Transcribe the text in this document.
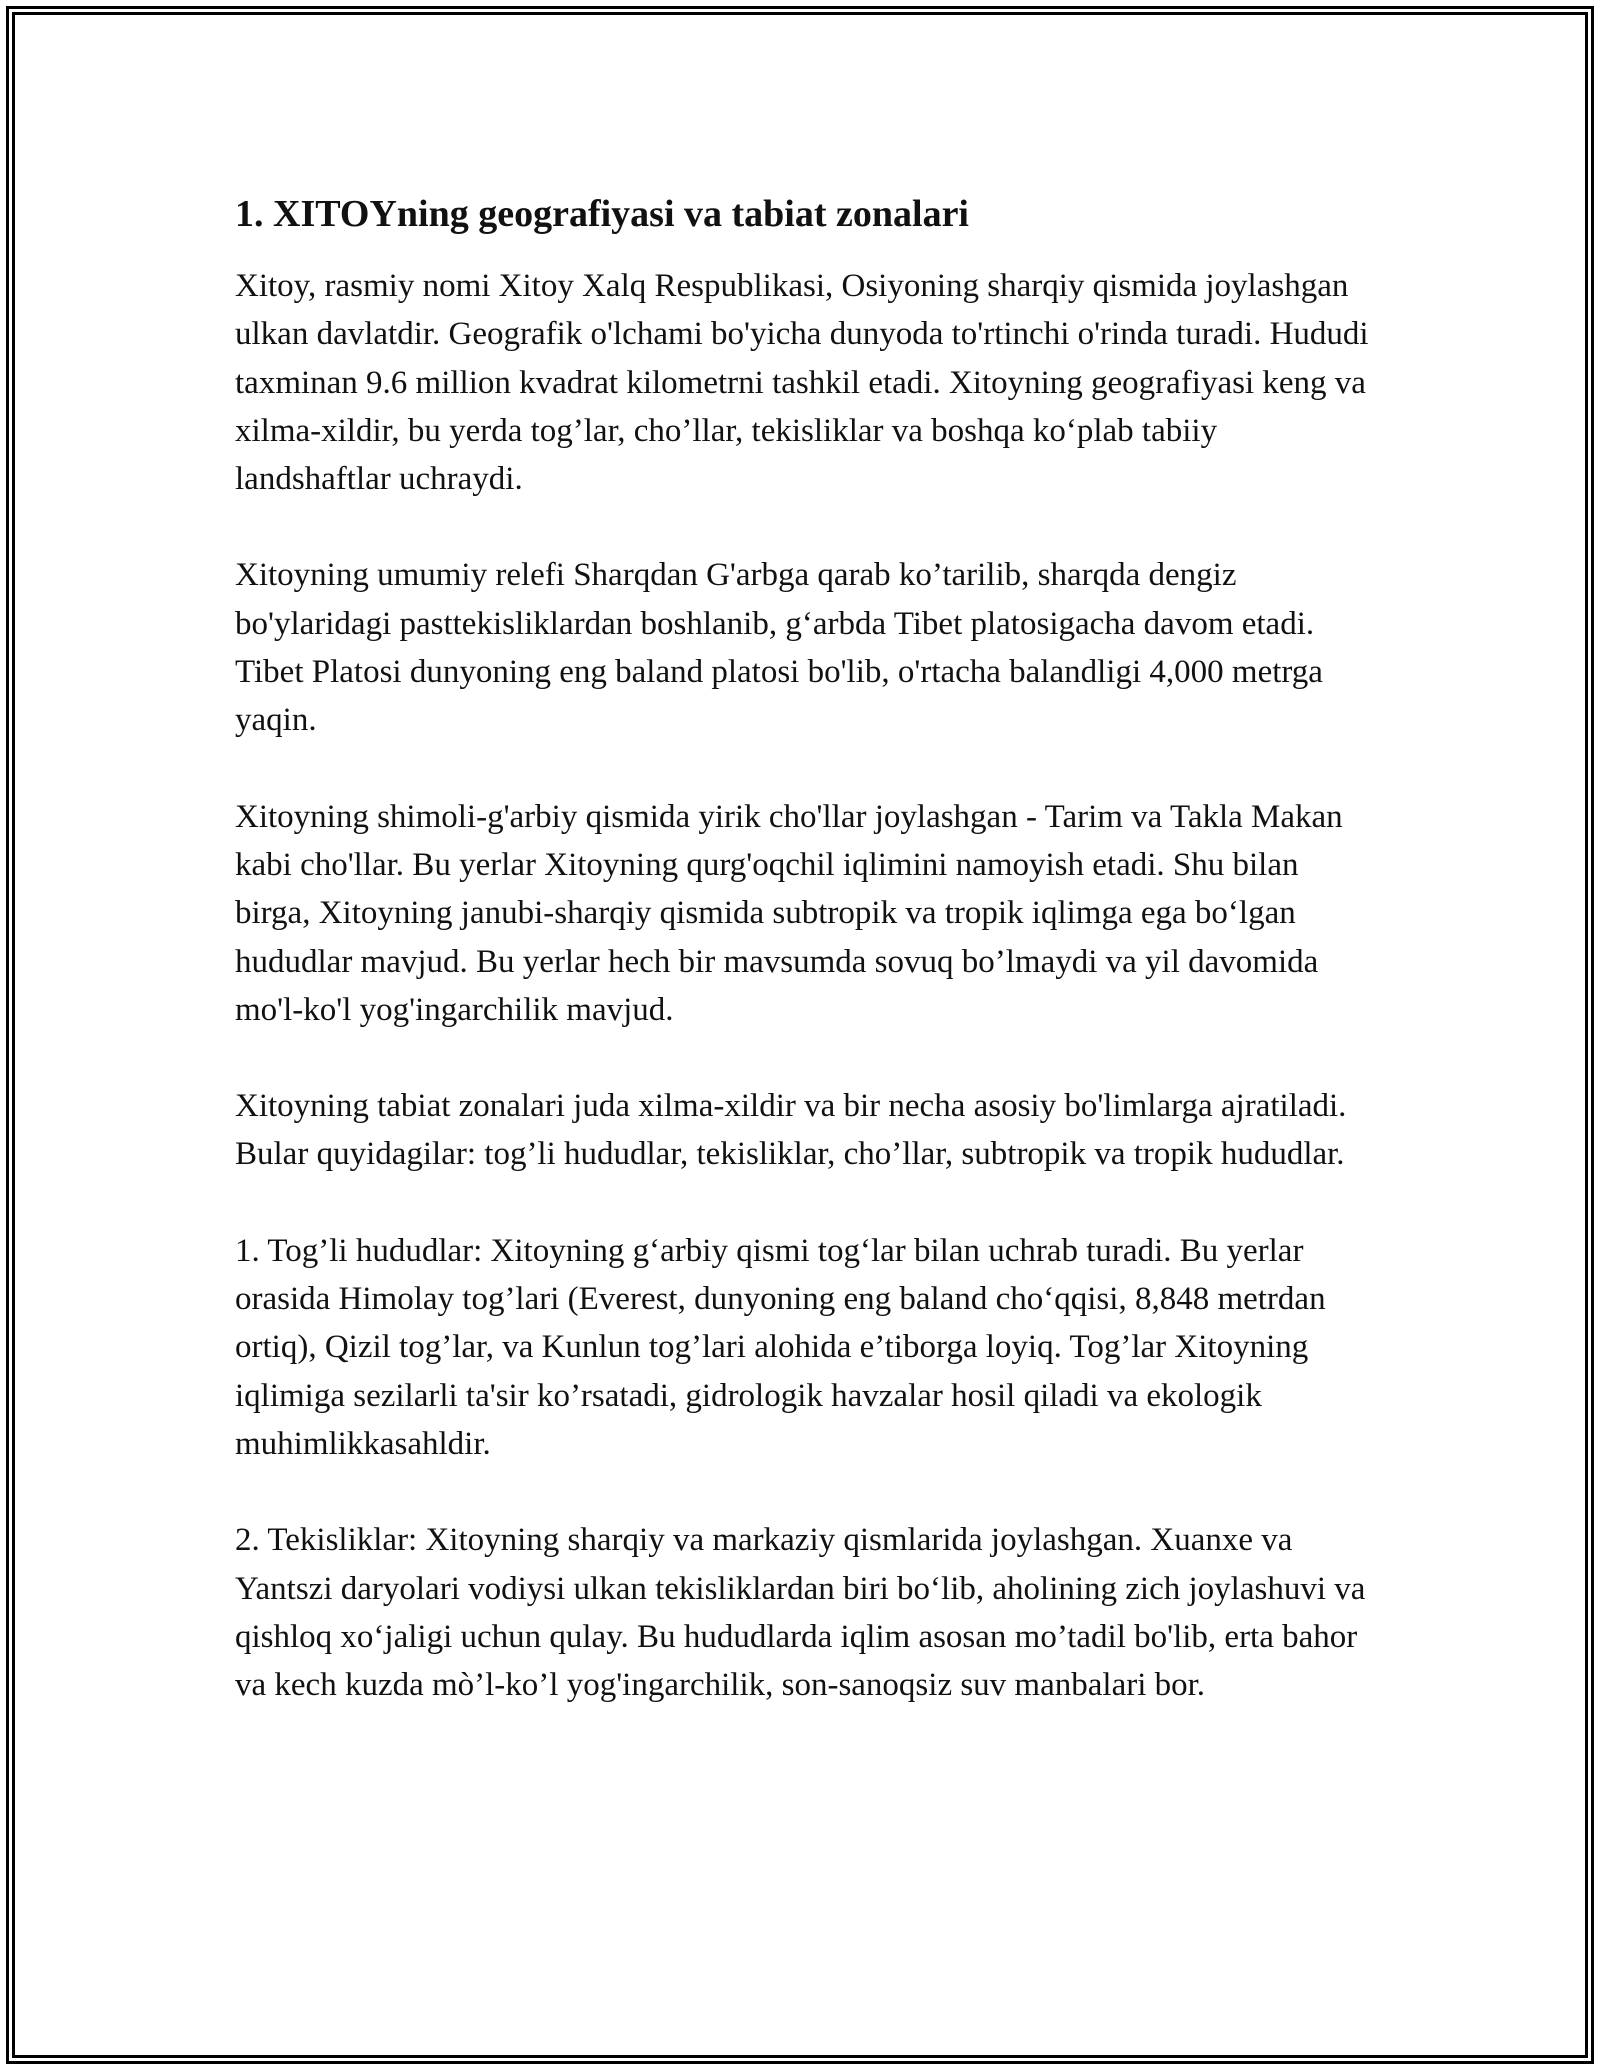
1. XITOYning geografiyasi va tabiat zonalari

Xitoy, rasmiy nomi Xitoy Xalq Respublikasi, Osiyoning sharqiy qismida joylashgan ulkan davlatdir. Geografik o'lchami bo'yicha dunyoda to'rtinchi o'rinda turadi. Hududi taxminan 9.6 million kvadrat kilometrni tashkil etadi. Xitoyning geografiyasi keng va xilma-xildir, bu yerda tog’lar, cho’llar, tekisliklar va boshqa ko‘plab tabiiy landshaftlar uchraydi.

Xitoyning umumiy relefi Sharqdan G'arbga qarab ko’tarilib, sharqda dengiz bo'ylaridagi pasttekisliklardan boshlanib, g‘arbda Tibet platosigacha davom etadi. Tibet Platosi dunyoning eng baland platosi bo'lib, o'rtacha balandligi 4,000 metrga yaqin.

Xitoyning shimoli-g'arbiy qismida yirik cho'llar joylashgan - Tarim va Takla Makan kabi cho'llar. Bu yerlar Xitoyning qurg'oqchil iqlimini namoyish etadi. Shu bilan birga, Xitoyning janubi-sharqiy qismida subtropik va tropik iqlimga ega bo‘lgan hududlar mavjud. Bu yerlar hech bir mavsumda sovuq bo’lmaydi va yil davomida mo'l-ko'l yog'ingarchilik mavjud.

Xitoyning tabiat zonalari juda xilma-xildir va bir necha asosiy bo'limlarga ajratiladi. Bular quyidagilar: tog’li hududlar, tekisliklar, cho’llar, subtropik va tropik hududlar.

1. Tog’li hududlar: Xitoyning g‘arbiy qismi tog‘lar bilan uchrab turadi. Bu yerlar orasida Himolay tog’lari (Everest, dunyoning eng baland cho‘qqisi, 8,848 metrdan ortiq), Qizil tog’lar, va Kunlun tog’lari alohida e’tiborga loyiq. Tog’lar Xitoyning iqlimiga sezilarli ta'sir ko’rsatadi, gidrologik havzalar hosil qiladi va ekologik muhimlikkasahldir.

2. Tekisliklar: Xitoyning sharqiy va markaziy qismlarida joylashgan. Xuanxe va Yantszi daryolari vodiysi ulkan tekisliklardan biri bo‘lib, aholining zich joylashuvi va qishloq xo‘jaligi uchun qulay. Bu hududlarda iqlim asosan mo’tadil bo'lib, erta bahor va kech kuzda mò’l-ko’l yog'ingarchilik, son-sanoqsiz suv manbalari bor.
